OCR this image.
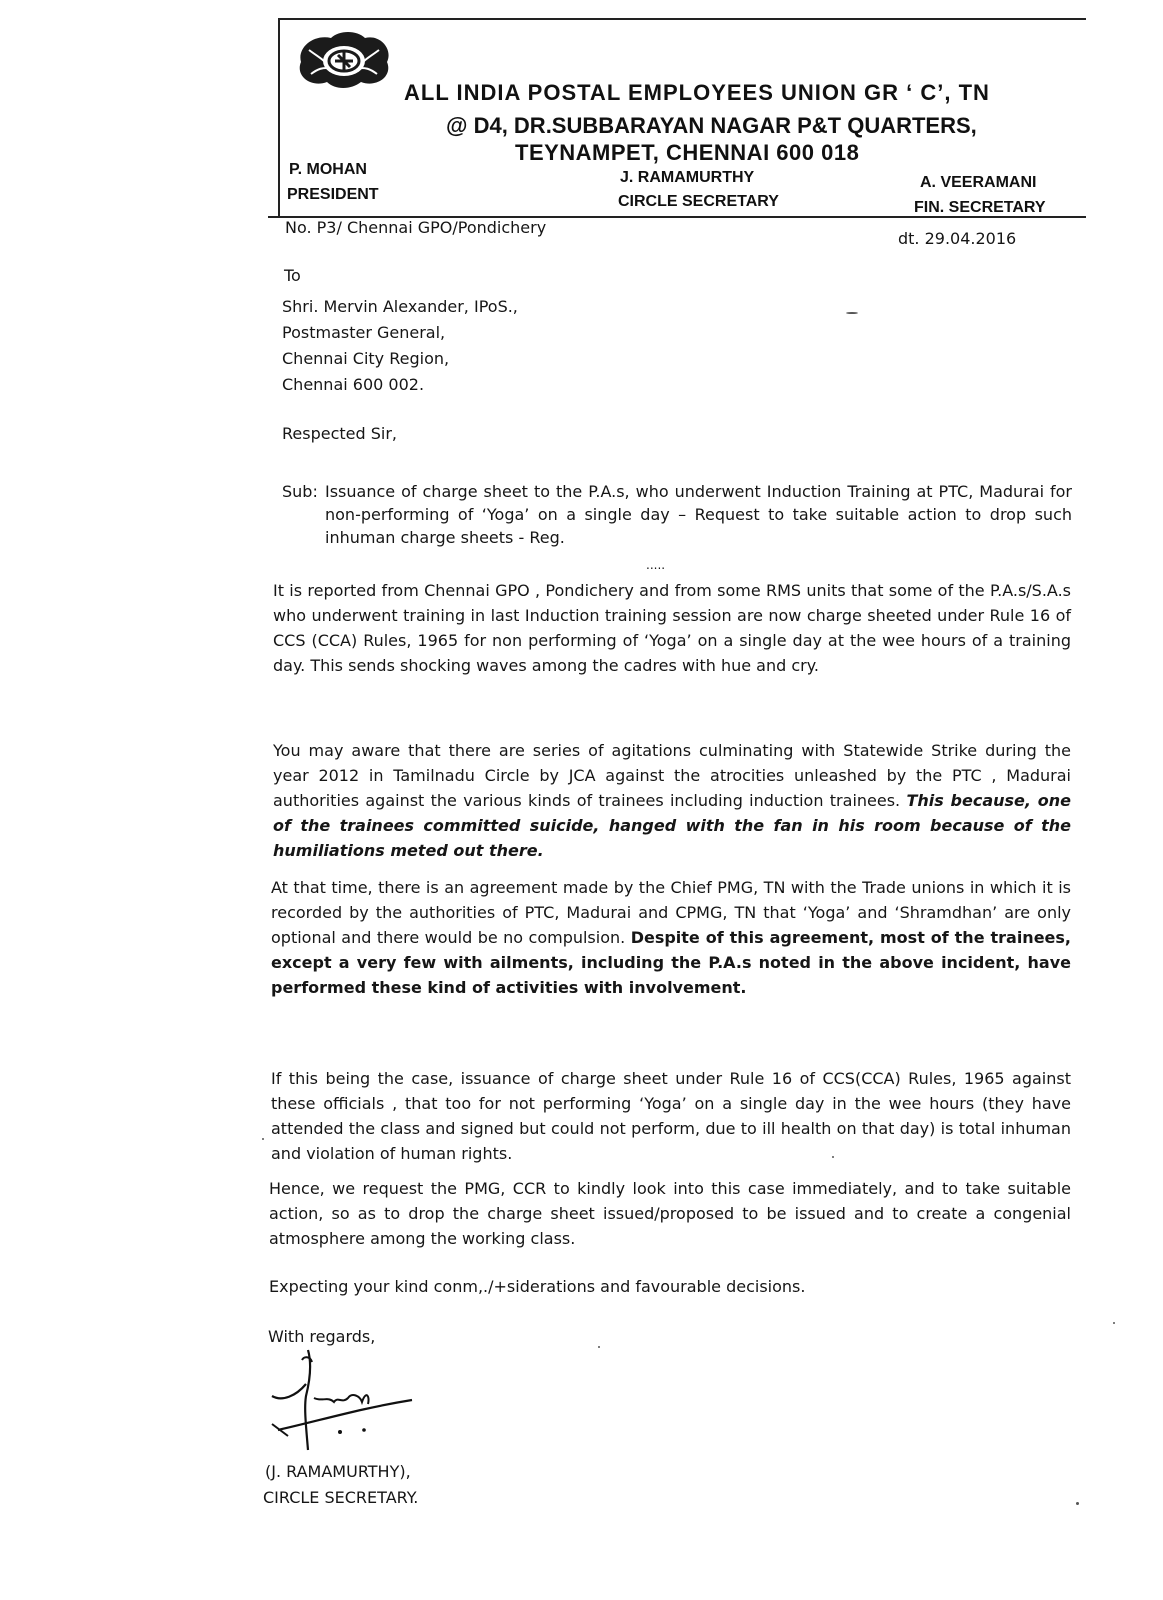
ALL INDIA POSTAL EMPLOYEES UNION GR ‘ C’, TN
@ D4, DR.SUBBARAYAN NAGAR P&T QUARTERS,
TEYNAMPET, CHENNAI 600 018
P. MOHAN
PRESIDENT
J. RAMAMURTHY
CIRCLE SECRETARY
A. VEERAMANI
FIN. SECRETARY
No. P3/ Chennai GPO/Pondichery
dt. 29.04.2016
To
Shri. Mervin Alexander, IPoS.,
Postmaster General,
Chennai City Region,
Chennai 600 002.
Respected Sir,
Sub: Issuance of charge sheet to the P.A.s, who underwent Induction Training at PTC, Madurai for non-performing of ‘Yoga’ on a single day – Request to take suitable action to drop such inhuman charge sheets - Reg.
.....
It is reported from Chennai GPO , Pondichery and from some RMS units that some of the P.A.s/S.A.s who underwent training in last Induction training session are now charge sheeted under Rule 16 of CCS (CCA) Rules, 1965 for non performing of ‘Yoga’ on a single day at the wee hours of a training day. This sends shocking waves among the cadres with hue and cry.
You may aware that there are series of agitations culminating with Statewide Strike during the year 2012 in Tamilnadu Circle by JCA against the atrocities unleashed by the PTC , Madurai authorities against the various kinds of trainees including induction trainees. This because, one of the trainees committed suicide, hanged with the fan in his room because of the humiliations meted out there.
At that time, there is an agreement made by the Chief PMG, TN with the Trade unions in which it is recorded by the authorities of PTC, Madurai and CPMG, TN that ‘Yoga’ and ‘Shramdhan’ are only optional and there would be no compulsion. Despite of this agreement, most of the trainees, except a very few with ailments, including the P.A.s noted in the above incident, have performed these kind of activities with involvement.
If this being the case, issuance of charge sheet under Rule 16 of CCS(CCA) Rules, 1965 against these officials , that too for not performing ‘Yoga’ on a single day in the wee hours (they have attended the class and signed but could not perform, due to ill health on that day) is total inhuman and violation of human rights.
Hence, we request the PMG, CCR to kindly look into this case immediately, and to take suitable action, so as to drop the charge sheet issued/proposed to be issued and to create a congenial atmosphere among the working class.
Expecting your kind conm,./+siderations and favourable decisions.
With regards,
(J. RAMAMURTHY),
CIRCLE SECRETARY.
